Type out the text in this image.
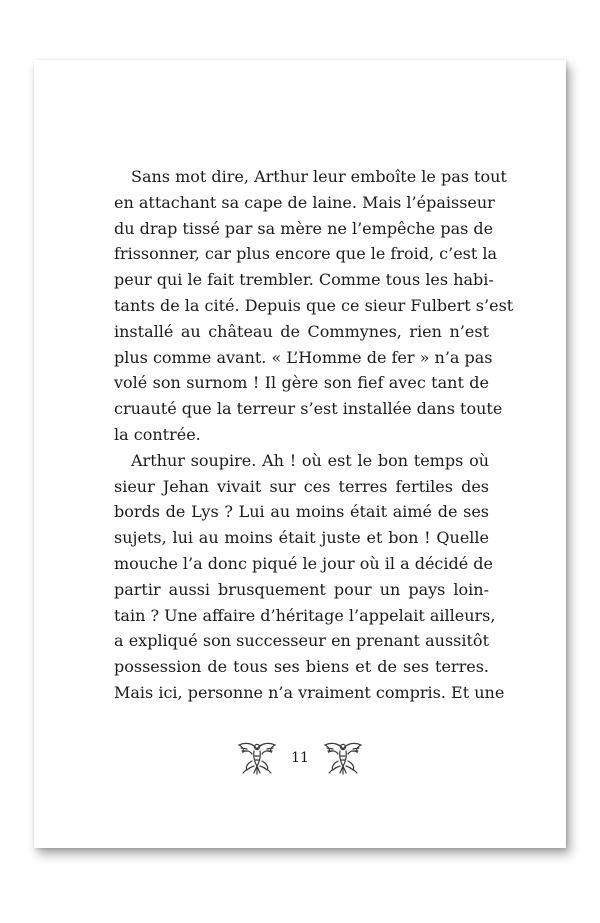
Sans mot dire, Arthur leur emboîte le pas tout
en attachant sa cape de laine. Mais l’épaisseur
du drap tissé par sa mère ne l’empêche pas de
frissonner, car plus encore que le froid, c’est la
peur qui le fait trembler. Comme tous les habi-
tants de la cité. Depuis que ce sieur Fulbert s’est
installé au château de Commynes, rien n’est
plus comme avant. « L’Homme de fer » n’a pas
volé son surnom ! Il gère son fief avec tant de
cruauté que la terreur s’est installée dans toute
la contrée.
Arthur soupire. Ah ! où est le bon temps où
sieur Jehan vivait sur ces terres fertiles des
bords de Lys ? Lui au moins était aimé de ses
sujets, lui au moins était juste et bon ! Quelle
mouche l’a donc piqué le jour où il a décidé de
partir aussi brusquement pour un pays loin-
tain ? Une affaire d’héritage l’appelait ailleurs,
a expliqué son successeur en prenant aussitôt
possession de tous ses biens et de ses terres.
Mais ici, personne n’a vraiment compris. Et une
11
